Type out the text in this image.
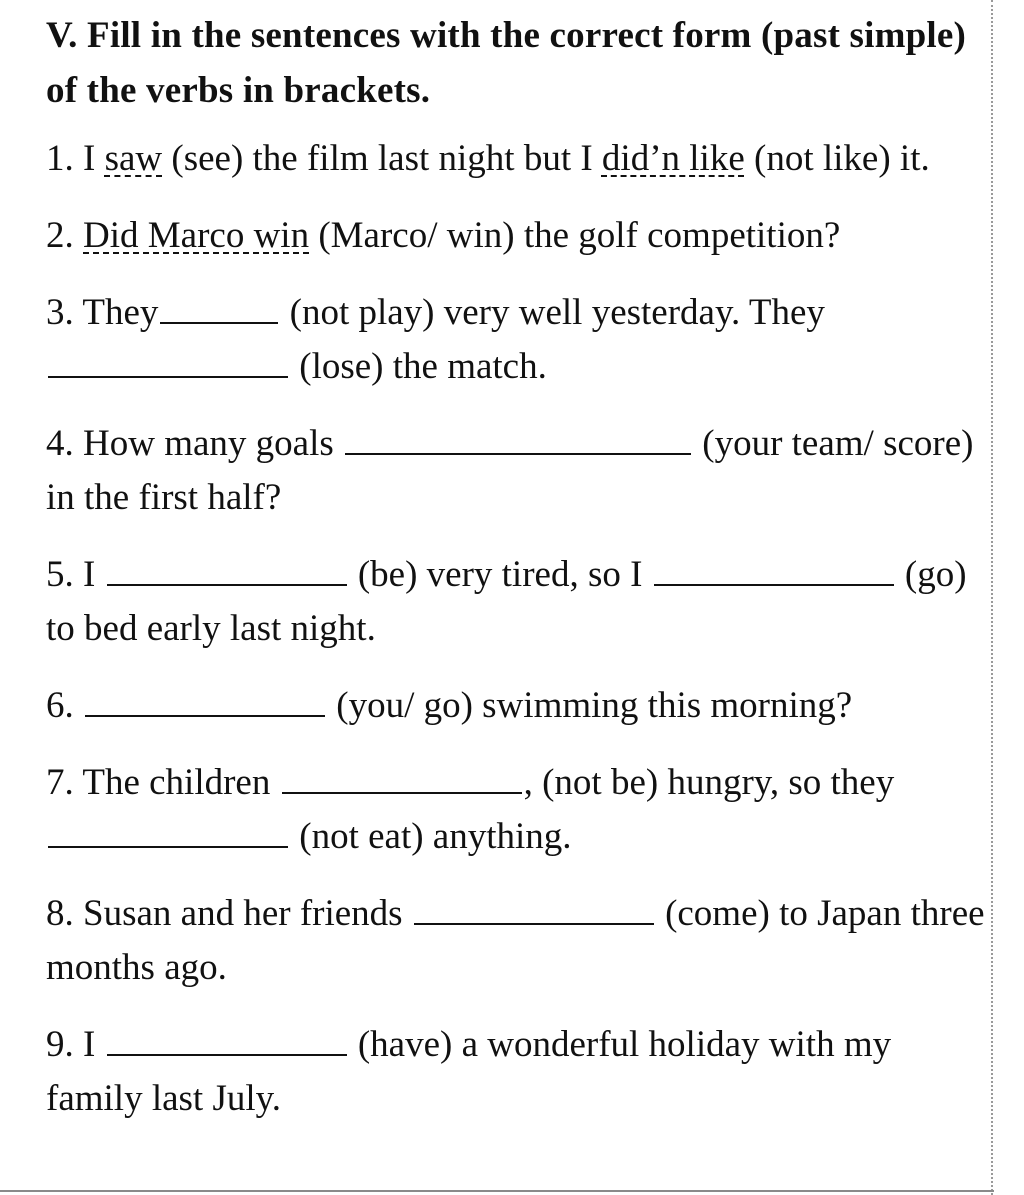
V. Fill in the sentences with the correct form (past simple) of the verbs in brackets.
1. I saw (see) the film last night but I did’n like (not like) it.
2. Did Marco win (Marco/ win) the golf competition?
3. They	(not play) very well yesterday. They  (lose) the match.
4. How many goals	(your team/ score) in the first half?
5. I	(be) very tired, so I	(go) to bed early last night.
6.	(you/ go) swimming this morning?
7. The children	, (not be) hungry, so they  (not eat) anything.
8. Susan and her friends	(come) to Japan three months ago.
9. I	(have) a wonderful holiday with my family last July.
